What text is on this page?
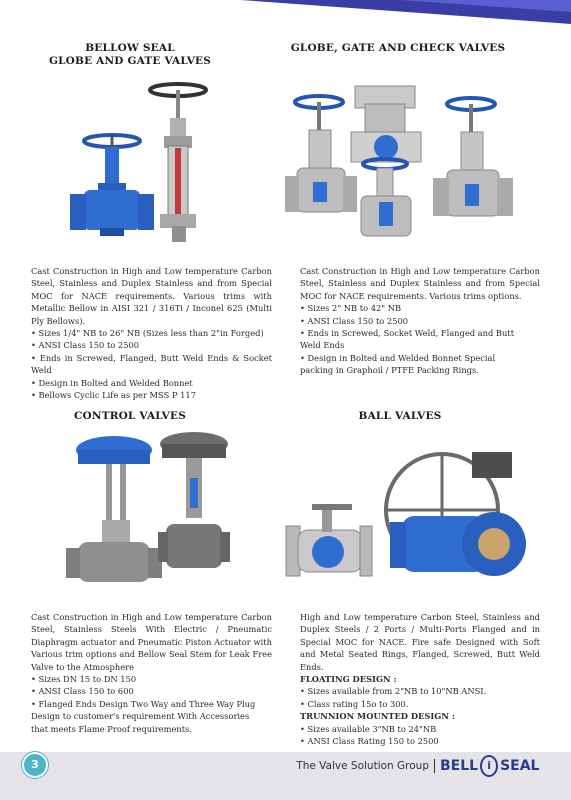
BELLOW SEAL
GLOBE AND GATE VALVES

Cast Construction in High and Low temperature Carbon Steel, Stainless and Duplex Stainless and from Special MOC for NACE requirements. Various trims with Metallic Bellow in AISI 321 / 316Ti / Inconel 625 (Multi Ply Bellows).

• Sizes 1/4" NB to 26" NB (Sizes less than 2"in Forged)
• ANSI Class 150 to 2500
• Ends in Screwed, Flanged, Butt Weld Ends & Socket Weld
• Design in Bolted and Welded Bonnet
• Bellows Cyclic Life as per MSS P 117
GLOBE, GATE AND CHECK VALVES

Cast Construction in High and Low temperature Carbon Steel, Stainless and Duplex Stainless and from Special MOC for NACE requirements. Various trims options.

• Sizes 2" NB to 42" NB
• ANSI Class 150 to 2500
• Ends in Screwed, Socket Weld, Flanged and Butt
Weld Ends
• Design in Bolted and Welded Bonnet Special
packing in Graphoil / PTFE Packing Rings.
CONTROL VALVES

Cast Construction in High and Low temperature Carbon Steel, Stainless Steels With Electric / Pneumatic Diaphragm actuator and Pneumatic Piston Actuator with Various trim options and Bellow Seal Stem for Leak Free Valve to the Atmosphere

• Sizes DN 15 to DN 150
• ANSI Class 150 to 600
• Flanged Ends Design Two Way and Three Way Plug
Design to customer's requirement With Accessories
that meets Flame Proof requirements.
BALL VALVES

High and Low temperature Carbon Steel, Stainless and Duplex Steels / 2 Ports / Multi-Ports Flanged and in Special MOC for NACE. Fire safe Designed with Soft and Metal Seated Rings, Flanged, Screwed, Butt Weld Ends.

FLOATING DESIGN :
• Sizes available from 2"NB to 10"NB ANSI.
• Class rating 15o to 300.
TRUNNION MOUNTED DESIGN :
• Sizes available 3"NB to 24"NB
• ANSI Class Rating 150 to 2500
3	The Valve Solution Group BELL i SEAL
